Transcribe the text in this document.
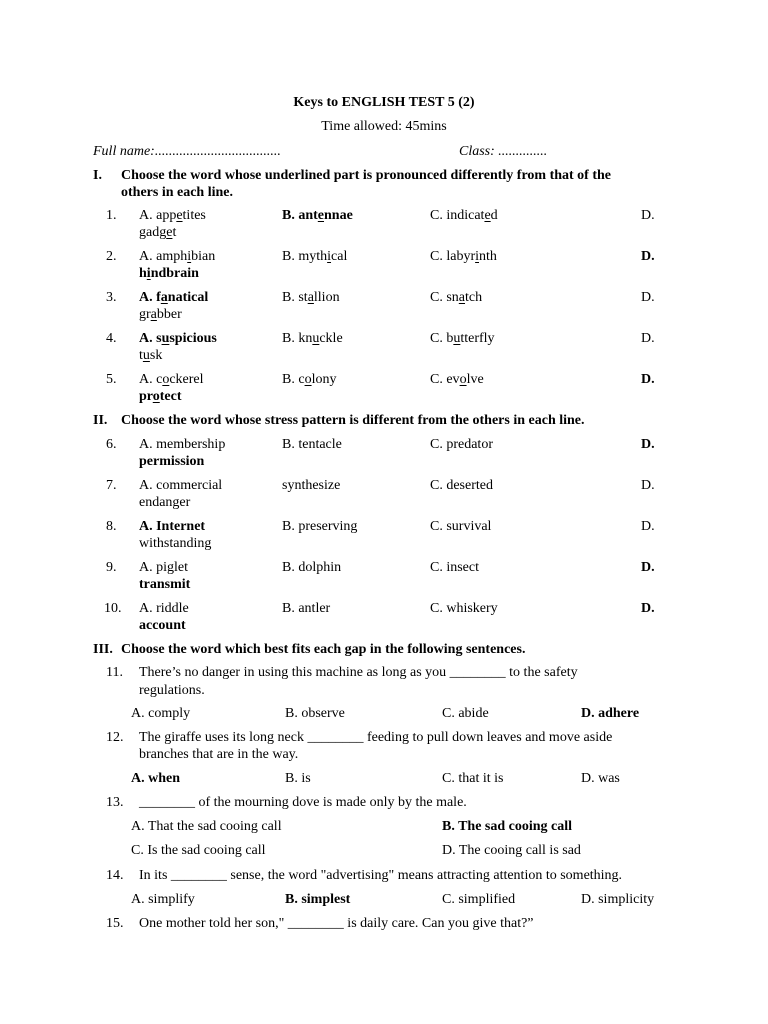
Keys to ENGLISH TEST 5 (2)
Time allowed: 45mins
Full name:....................................	Class: ..............
I. Choose the word whose underlined part is pronounced differently from that of the
others in each line.
1. A. appetites	B. antennae	C. indicated	D.
gadget
2. A. amphibian	B. mythical	C. labyrinth	D.
hindbrain
3. A. fanatical	B. stallion	C. snatch	D.
grabber
4. A. suspicious	B. knuckle	C. butterfly	D.
tusk
5. A. cockerel	B. colony	C. evolve	D.
protect
II. Choose the word whose stress pattern is different from the others in each line.
6. A. membership	B. tentacle	C. predator	D.
permission
7. A. commercial	synthesize	C. deserted	D.
endanger
8. A. Internet	B. preserving	C. survival	D.
withstanding
9. A. piglet	B. dolphin	C. insect	D.
transmit
10. A. riddle	B. antler	C. whiskery	D.
account
III. Choose the word which best fits each gap in the following sentences.
11. There’s no danger in using this machine as long as you ________ to the safety
regulations.
A. comply	B. observe	C. abide	D. adhere
12. The giraffe uses its long neck ________ feeding to pull down leaves and move aside
branches that are in the way.
A. when	B. is	C. that it is	D. was
13. ________ of the mourning dove is made only by the male.
A. That the sad cooing call	B. The sad cooing call
C. Is the sad cooing call	D. The cooing call is sad
14. In its ________ sense, the word "advertising" means attracting attention to something.
A. simplify	B. simplest	C. simplified	D. simplicity
15. One mother told her son," ________ is daily care. Can you give that?”
